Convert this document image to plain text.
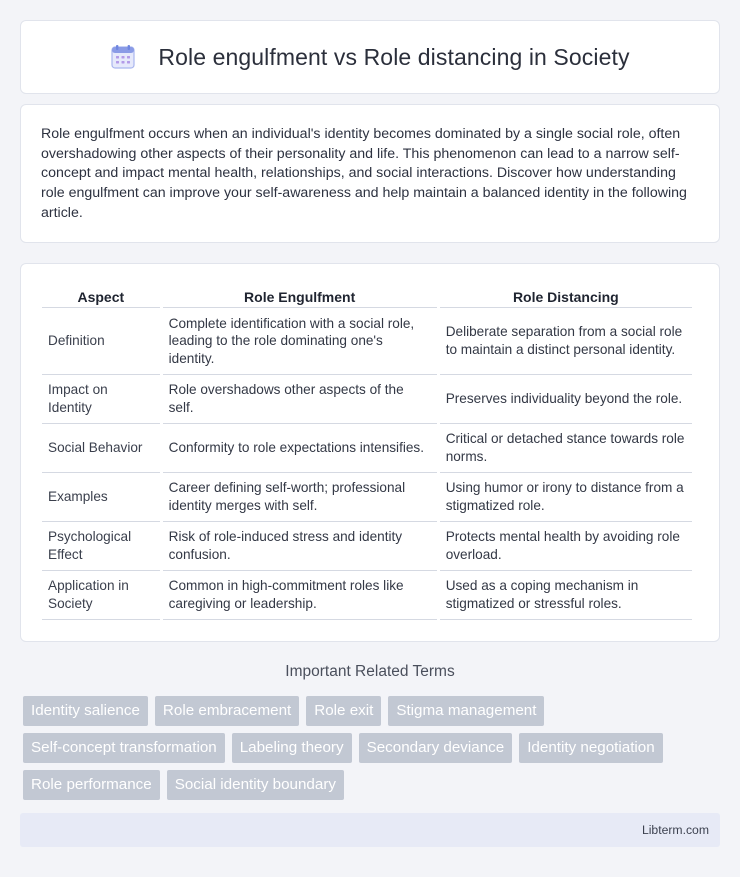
Role engulfment vs Role distancing in Society

Role engulfment occurs when an individual's identity becomes dominated by a single social role, often overshadowing other aspects of their personality and life. This phenomenon can lead to a narrow self-concept and impact mental health, relationships, and social interactions. Discover how understanding role engulfment can improve your self-awareness and help maintain a balanced identity in the following article.

Aspect	Role Engulfment	Role Distancing
Definition	Complete identification with a social role, leading to the role dominating one's identity.	Deliberate separation from a social role to maintain a distinct personal identity.
Impact on Identity	Role overshadows other aspects of the self.	Preserves individuality beyond the role.
Social Behavior	Conformity to role expectations intensifies.	Critical or detached stance towards role norms.
Examples	Career defining self-worth; professional identity merges with self.	Using humor or irony to distance from a stigmatized role.
Psychological Effect	Risk of role-induced stress and identity confusion.	Protects mental health by avoiding role overload.
Application in Society	Common in high-commitment roles like caregiving or leadership.	Used as a coping mechanism in stigmatized or stressful roles.
Important Related Terms
Identity salience	Role embracement	Role exit	Stigma management
Self-concept transformation	Labeling theory	Secondary deviance	Identity negotiation
Role performance	Social identity boundary
Libterm.com
